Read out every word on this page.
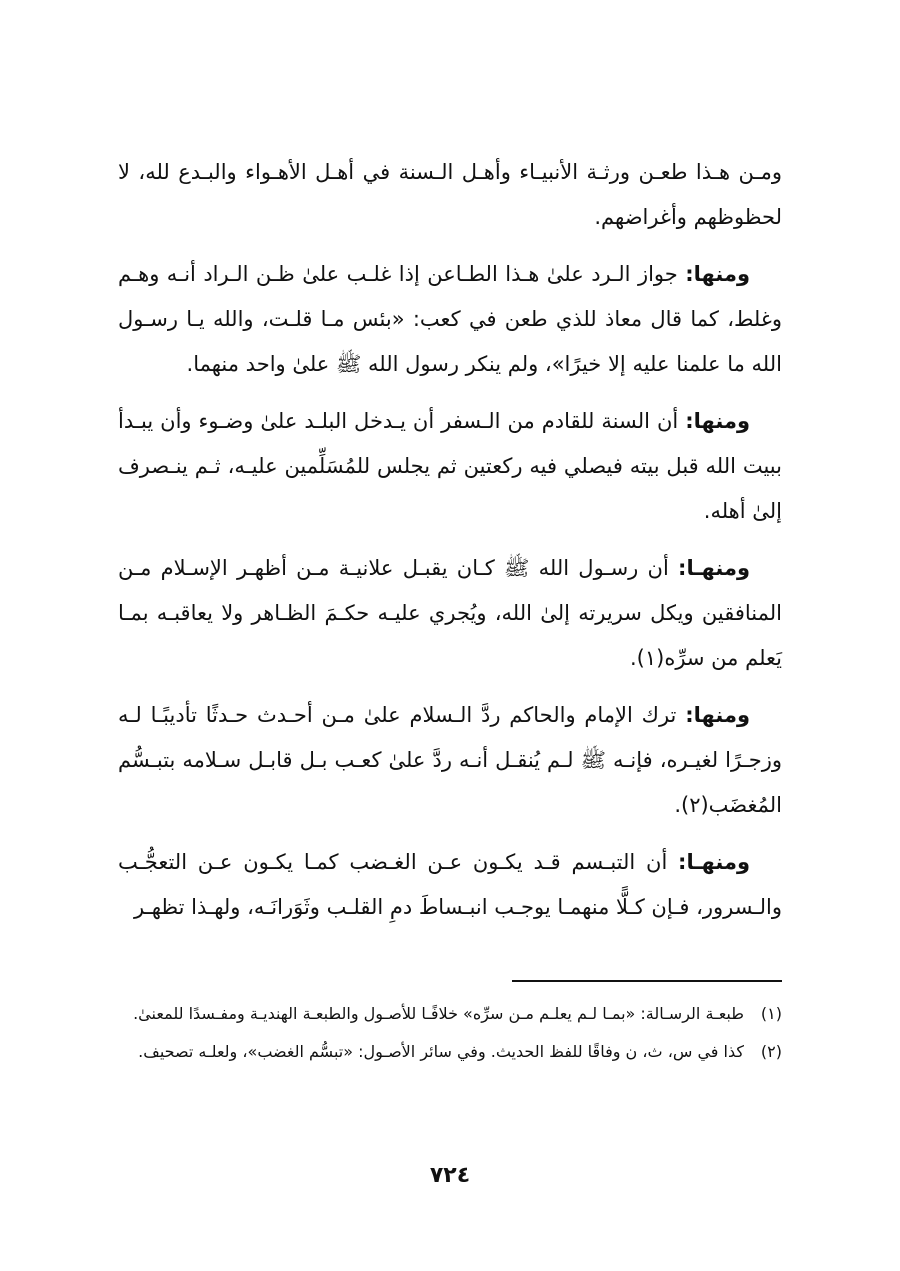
ومـن هـذا طعـن ورثـة الأنبيـاء وأهـل الـسنة في أهـل الأهـواء والبـدع لله، لا لحظوظهم وأغراضهم.

ومنها: جواز الـرد علىٰ هـذا الطـاعن إذا غلـب علىٰ ظـن الـراد أنـه وهـم وغلط، كما قال معاذ للذي طعن في كعب: «بئس مـا قلـت، والله يـا رسـول الله ما علمنا عليه إلا خيرًا»، ولم ينكر رسول الله ﷺ علىٰ واحد منهما.

ومنها: أن السنة للقادم من الـسفر أن يـدخل البلـد علىٰ وضـوء وأن يبـدأ ببيت الله قبل بيته فيصلي فيه ركعتين ثم يجلس للمُسَلِّمين عليـه، ثـم ينـصرف إلىٰ أهله.

ومنهـا: أن رسـول الله ﷺ كـان يقبـل علانيـة مـن أظهـر الإسـلام مـن المنافقين ويكل سريرته إلىٰ الله، ويُجري عليـه حكـمَ الظـاهر ولا يعاقبـه بمـا يَعلم من سرِّه(١).

ومنها: ترك الإمام والحاكم ردَّ الـسلام علىٰ مـن أحـدث حـدثًا تأديبًـا لـه وزجـرًا لغيـره، فإنـه ﷺ لـم يُنقـل أنـه ردَّ علىٰ كعـب بـل قابـل سـلامه بتبـسُّم المُغضَب(٢).

ومنهـا: أن التبـسم قـد يكـون عـن الغـضب كمـا يكـون عـن التعجُّـب والـسرور، فـإن كـلًّا منهمـا يوجـب انبـساطَ دمِ القلـب وثَوَرانَـه، ولهـذا تظهـر

(١)طبعـة الرسـالة: «بمـا لـم يعلـم مـن سرِّه» خلافًـا للأصـول والطبعـة الهنديـة ومفـسدًا للمعنىٰ.

(٢)كذا في س، ث، ن وفاقًا للفظ الحديث. وفي سائر الأصـول: «تبسُّم الغضب»، ولعلـه تصحيف.

٧٢٤
